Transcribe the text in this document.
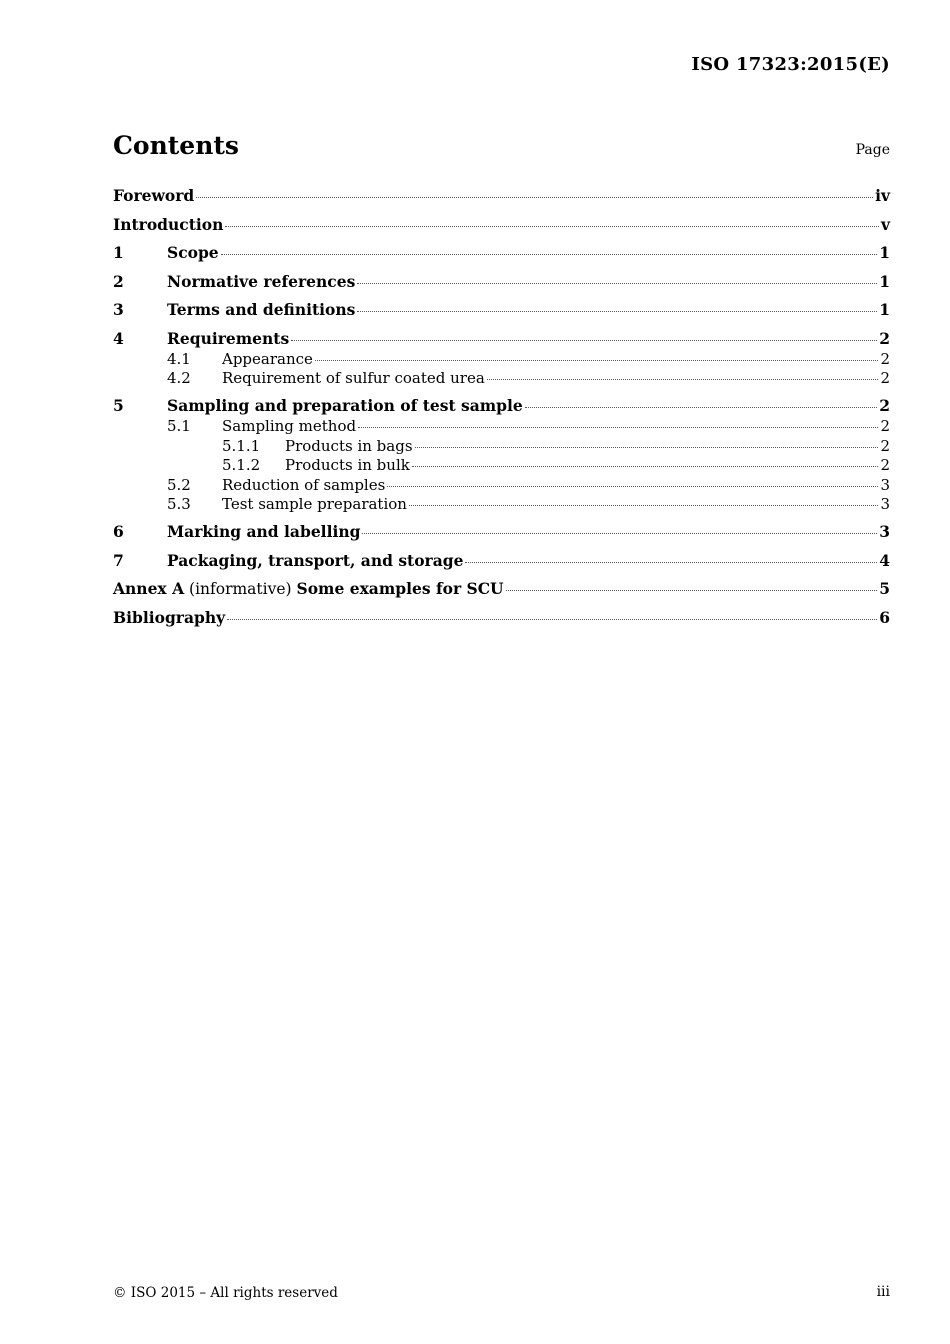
ISO 17323:2015(E)
Contents	Page
Foreword	iv
Introduction	v
1	Scope	1
2	Normative references	1
3	Terms and definitions	1
4	Requirements	2
4.1	Appearance	2
4.2	Requirement of sulfur coated urea	2
5	Sampling and preparation of test sample	2
5.1	Sampling method	2
5.1.1	Products in bags	2
5.1.2	Products in bulk	2
5.2	Reduction of samples	3
5.3	Test sample preparation	3
6	Marking and labelling	3
7	Packaging, transport, and storage	4
Annex A (informative) Some examples for SCU	5
Bibliography	6
© ISO 2015 – All rights reserved	iii
